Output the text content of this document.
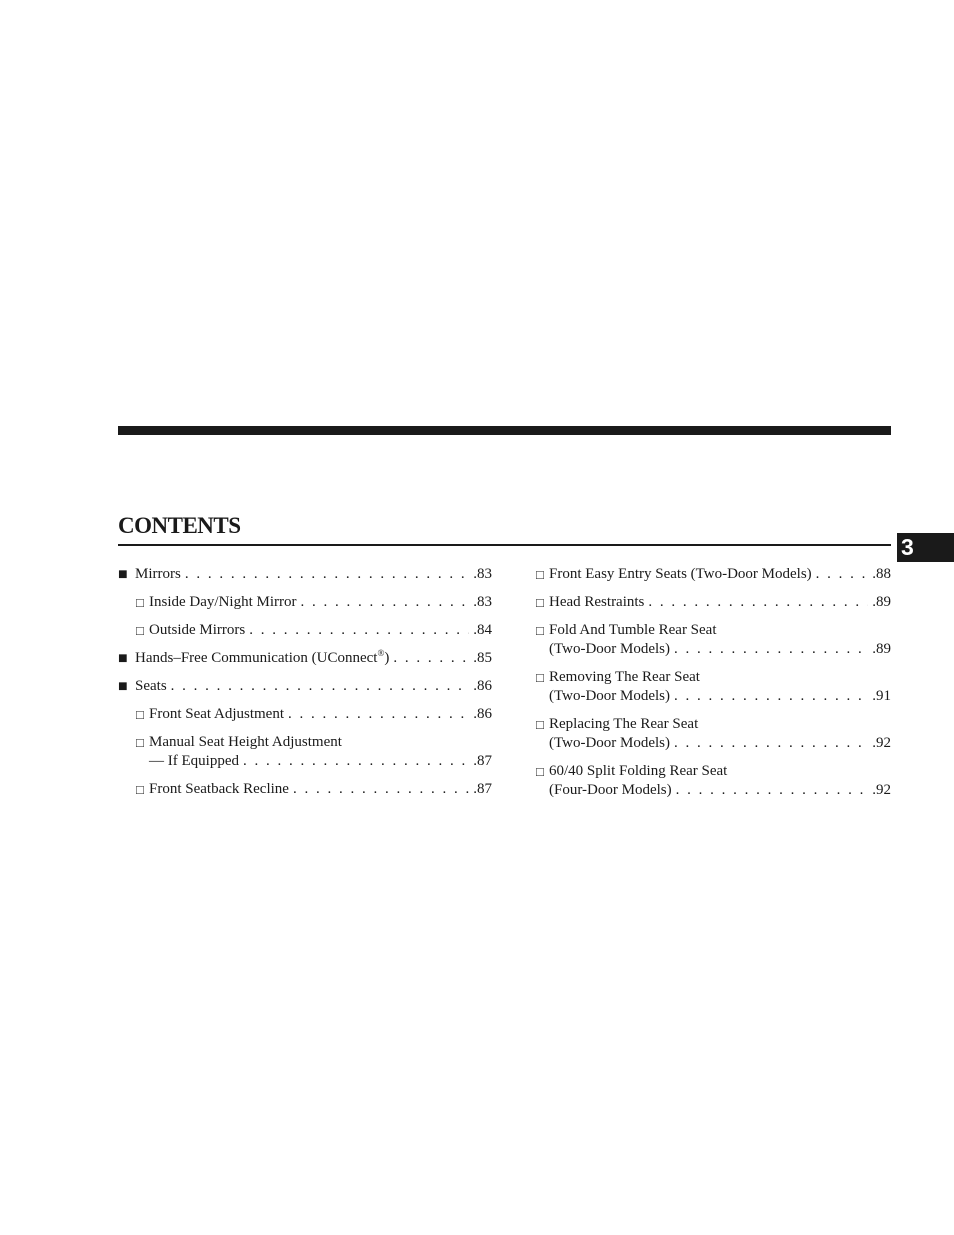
CONTENTS
3
■ Mirrors . . .	.83
□ Inside Day/Night Mirror . . .	.83
□ Outside Mirrors . . .	.84
■ Hands–Free Communication (UConnect®) . . .	.85
■ Seats . . .	.86
□ Front Seat Adjustment . . .	.86
□ Manual Seat Height Adjustment
— If Equipped . . .	.87
□ Front Seatback Recline . . .	.87
□ Front Easy Entry Seats (Two-Door Models) . . .	.88
□ Head Restraints . . .	.89
□ Fold And Tumble Rear Seat
(Two-Door Models) . . .	.89
□ Removing The Rear Seat
(Two-Door Models) . . .	.91
□ Replacing The Rear Seat
(Two-Door Models) . . .	.92
□ 60/40 Split Folding Rear Seat
(Four-Door Models) . . .	.92
